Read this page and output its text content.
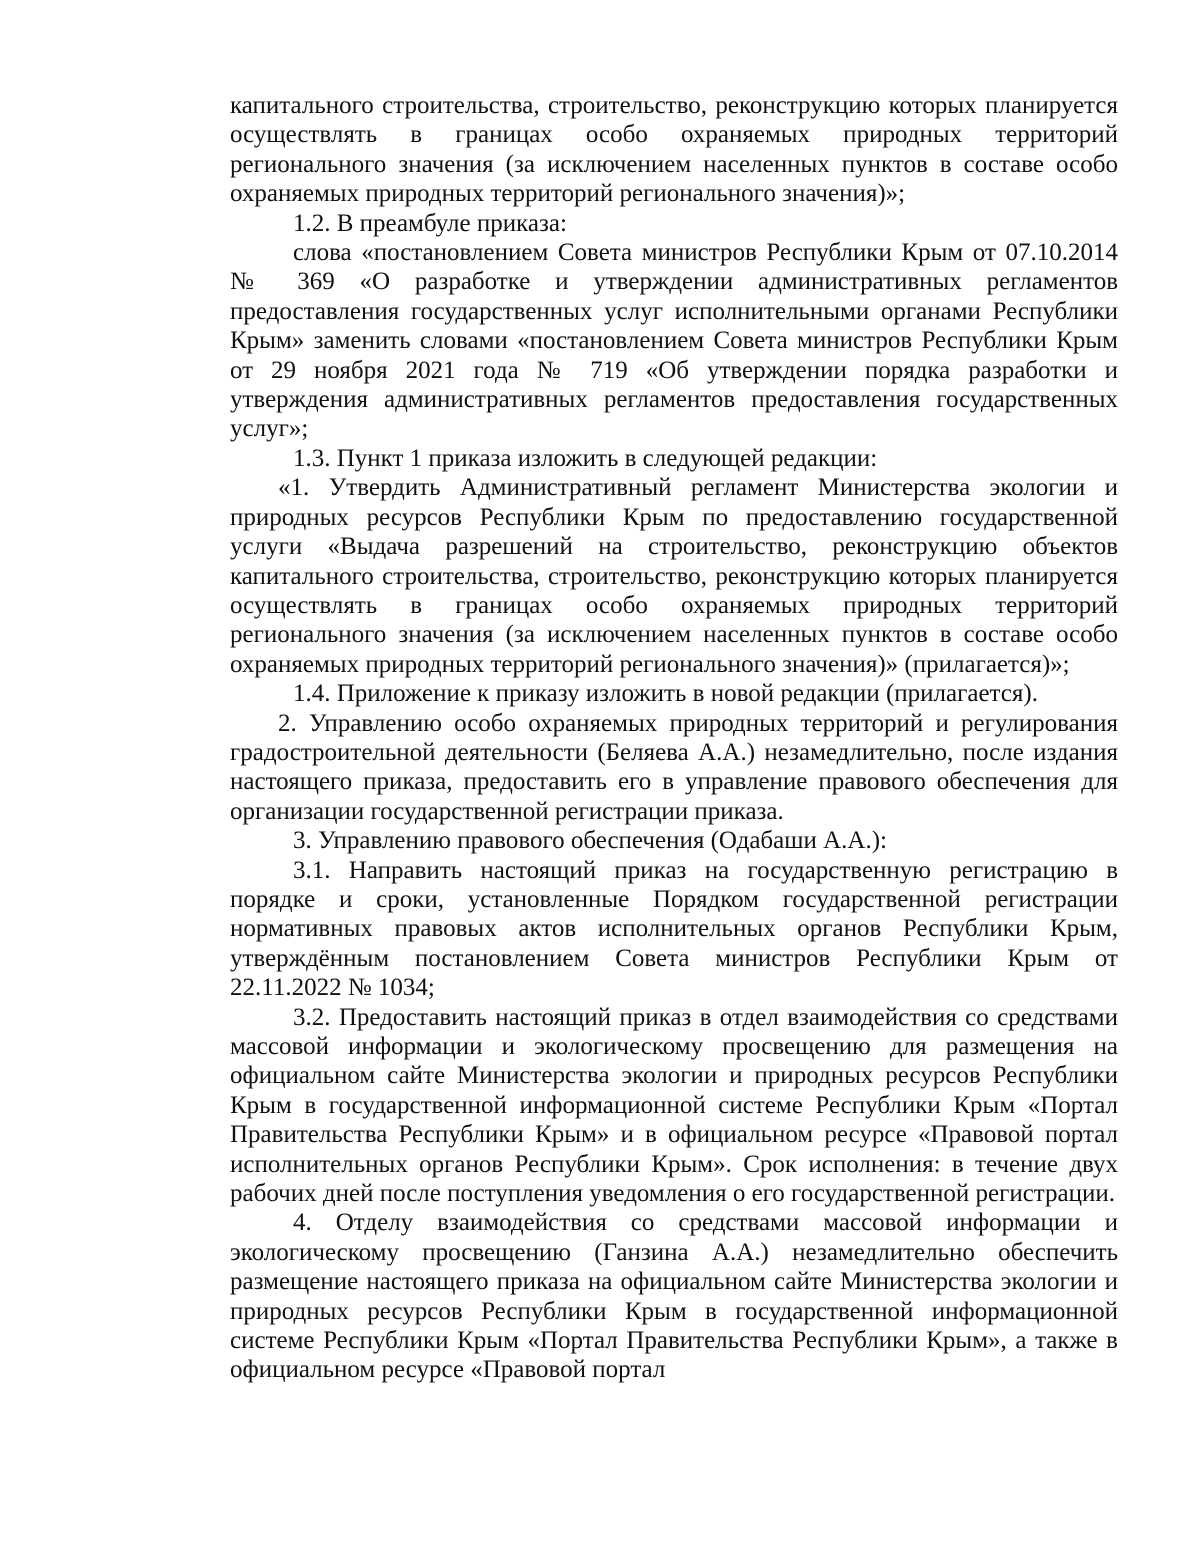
капитального строительства, строительство, реконструкцию которых планируется осуществлять в границах особо охраняемых природных территорий регионального значения (за исключением населенных пунктов в составе особо охраняемых природных территорий регионального значения)»;

1.2. В преамбуле приказа:

слова «постановлением Совета министров Республики Крым от 07.10.2014 № 369 «О разработке и утверждении административных регламентов предоставления государственных услуг исполнительными органами Республики Крым» заменить словами «постановлением Совета министров Республики Крым от 29 ноября 2021 года № 719 «Об утверждении порядка разработки и утверждения административных регламентов предоставления государственных услуг»;

1.3. Пункт 1 приказа изложить в следующей редакции:

«1. Утвердить Административный регламент Министерства экологии и природных ресурсов Республики Крым по предоставлению государственной услуги «Выдача разрешений на строительство, реконструкцию объектов капитального строительства, строительство, реконструкцию которых планируется осуществлять в границах особо охраняемых природных территорий регионального значения (за исключением населенных пунктов в составе особо охраняемых природных территорий регионального значения)» (прилагается)»;

1.4. Приложение к приказу изложить в новой редакции (прилагается).

2. Управлению особо охраняемых природных территорий и регулирования градостроительной деятельности (Беляева А.А.) незамедлительно, после издания настоящего приказа, предоставить его в управление правового обеспечения для организации государственной регистрации приказа.

3. Управлению правового обеспечения (Одабаши А.А.):

3.1. Направить настоящий приказ на государственную регистрацию в порядке и сроки, установленные Порядком государственной регистрации нормативных правовых актов исполнительных органов Республики Крым, утверждённым постановлением Совета министров Республики Крым от 22.11.2022 № 1034;

3.2. Предоставить настоящий приказ в отдел взаимодействия со средствами массовой информации и экологическому просвещению для размещения на официальном сайте Министерства экологии и природных ресурсов Республики Крым в государственной информационной системе Республики Крым «Портал Правительства Республики Крым» и в официальном ресурсе «Правовой портал исполнительных органов Республики Крым». Срок исполнения: в течение двух рабочих дней после поступления уведомления о его государственной регистрации.

4. Отделу взаимодействия со средствами массовой информации и экологическому просвещению (Ганзина А.А.) незамедлительно обеспечить размещение настоящего приказа на официальном сайте Министерства экологии и природных ресурсов Республики Крым в государственной информационной системе Республики Крым «Портал Правительства Республики Крым», а также в официальном ресурсе «Правовой портал
